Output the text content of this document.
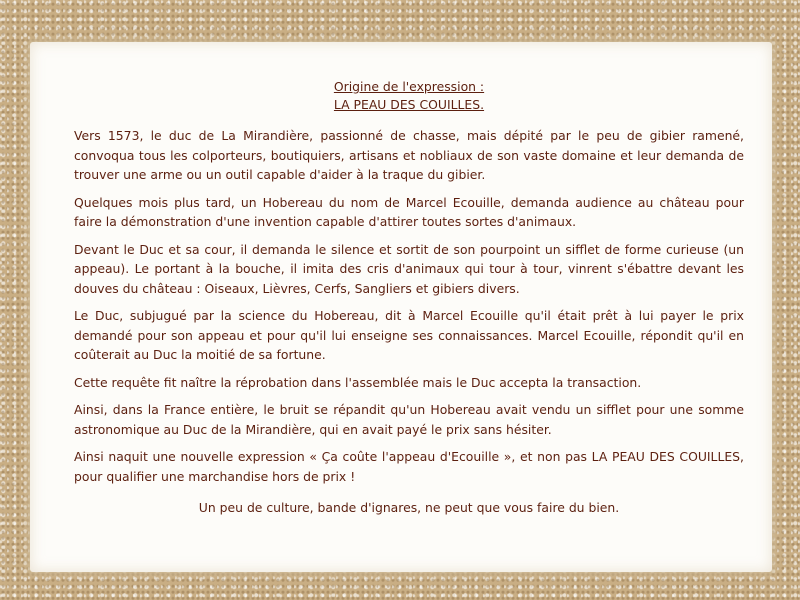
Origine de l'expression :

LA PEAU DES COUILLES.

Vers 1573, le duc de La Mirandière, passionné de chasse, mais dépité par le peu de gibier ramené, convoqua tous les colporteurs, boutiquiers, artisans et nobliaux de son vaste domaine et leur demanda de trouver une arme ou un outil capable d'aider à la traque du gibier.

Quelques mois plus tard, un Hobereau du nom de Marcel Ecouille, demanda audience au château pour faire la démonstration d'une invention capable d'attirer toutes sortes d'animaux.

Devant le Duc et sa cour, il demanda le silence et sortit de son pourpoint un sifflet de forme curieuse (un appeau). Le portant à la bouche, il imita des cris d'animaux qui tour à tour, vinrent s'ébattre devant les douves du château : Oiseaux, Lièvres, Cerfs, Sangliers et gibiers divers.

Le Duc, subjugué par la science du Hobereau, dit à Marcel Ecouille qu'il était prêt à lui payer le prix demandé pour son appeau et pour qu'il lui enseigne ses connaissances. Marcel Ecouille, répondit qu'il en coûterait au Duc la moitié de sa fortune.

Cette requête fit naître la réprobation dans l'assemblée mais le Duc accepta la transaction.

Ainsi, dans la France entière, le bruit se répandit qu'un Hobereau avait vendu un sifflet pour une somme astronomique au Duc de la Mirandière, qui en avait payé le prix sans hésiter.

Ainsi naquit une nouvelle expression « Ça coûte l'appeau d'Ecouille », et non pas LA PEAU DES COUILLES, pour qualifier une marchandise hors de prix !

Un peu de culture, bande d'ignares, ne peut que vous faire du bien.
